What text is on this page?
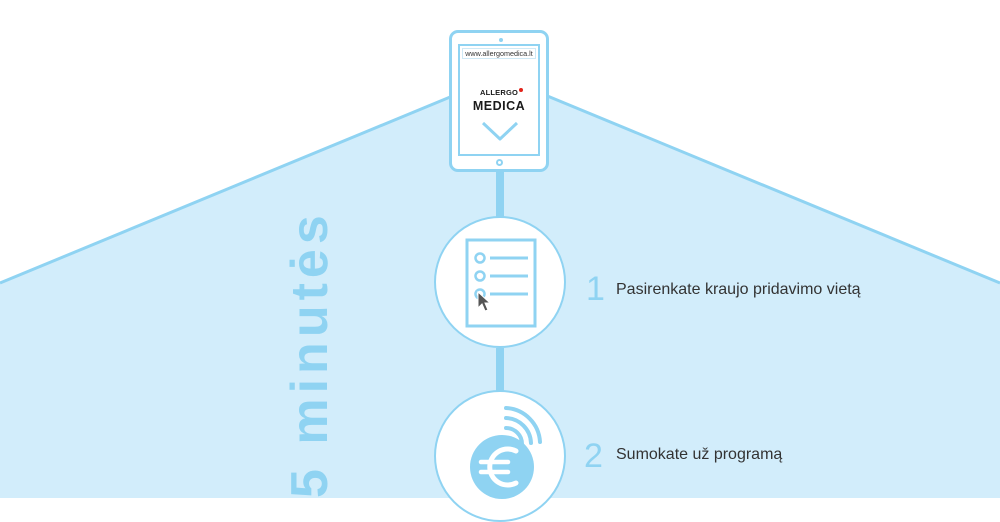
5 minutės
www.allergomedica.lt
ALLERGO
MEDICA
1 Pasirenkate kraujo pridavimo vietą
2 Sumokate už programą
